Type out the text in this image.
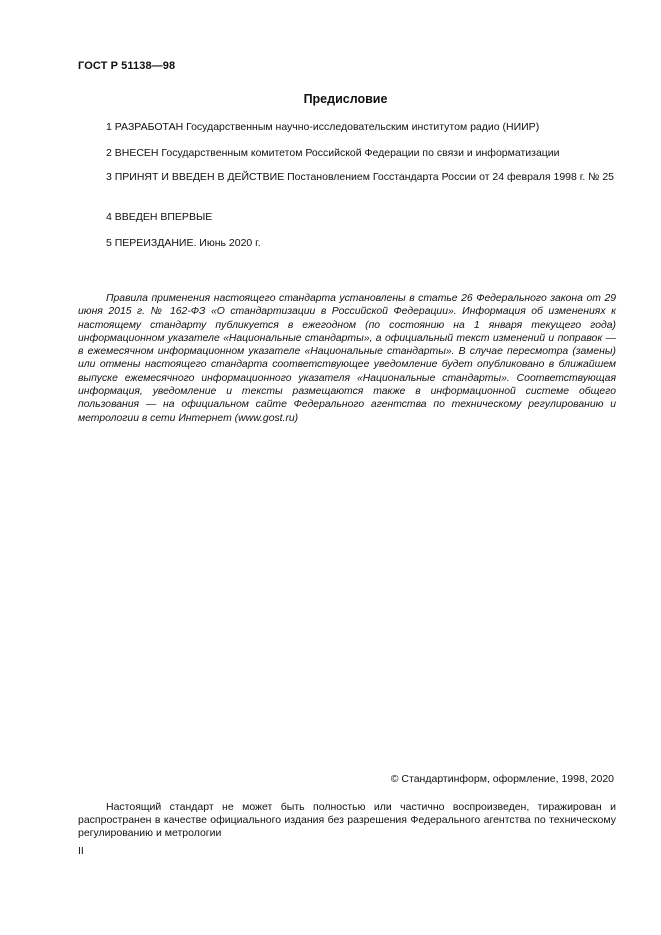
ГОСТ Р 51138—98
Предисловие
1 РАЗРАБОТАН Государственным научно-исследовательским институтом радио (НИИР)
2 ВНЕСЕН Государственным комитетом Российской Федерации по связи и информатизации
3 ПРИНЯТ И ВВЕДЕН В ДЕЙСТВИЕ Постановлением Госстандарта России от 24 февраля 1998 г. № 25
4 ВВЕДЕН ВПЕРВЫЕ
5 ПЕРЕИЗДАНИЕ. Июнь 2020 г.
Правила применения настоящего стандарта установлены в статье 26 Федерального закона от 29 июня 2015 г. № 162-ФЗ «О стандартизации в Российской Федерации». Информация об изменениях к настоящему стандарту публикуется в ежегодном (по состоянию на 1 января текущего года) информационном указателе «Национальные стандарты», а официальный текст изменений и поправок — в ежемесячном информационном указателе «Национальные стандарты». В случае пересмотра (замены) или отмены настоящего стандарта соответствующее уведомление будет опубликовано в ближайшем выпуске ежемесячного информационного указателя «Национальные стандарты». Соответствующая информация, уведомление и тексты размещаются также в информационной системе общего пользования — на официальном сайте Федерального агентства по техническому регулированию и метрологии в сети Интернет (www.gost.ru)
© Стандартинформ, оформление, 1998, 2020
Настоящий стандарт не может быть полностью или частично воспроизведен, тиражирован и распространен в качестве официального издания без разрешения Федерального агентства по техническому регулированию и метрологии
II
